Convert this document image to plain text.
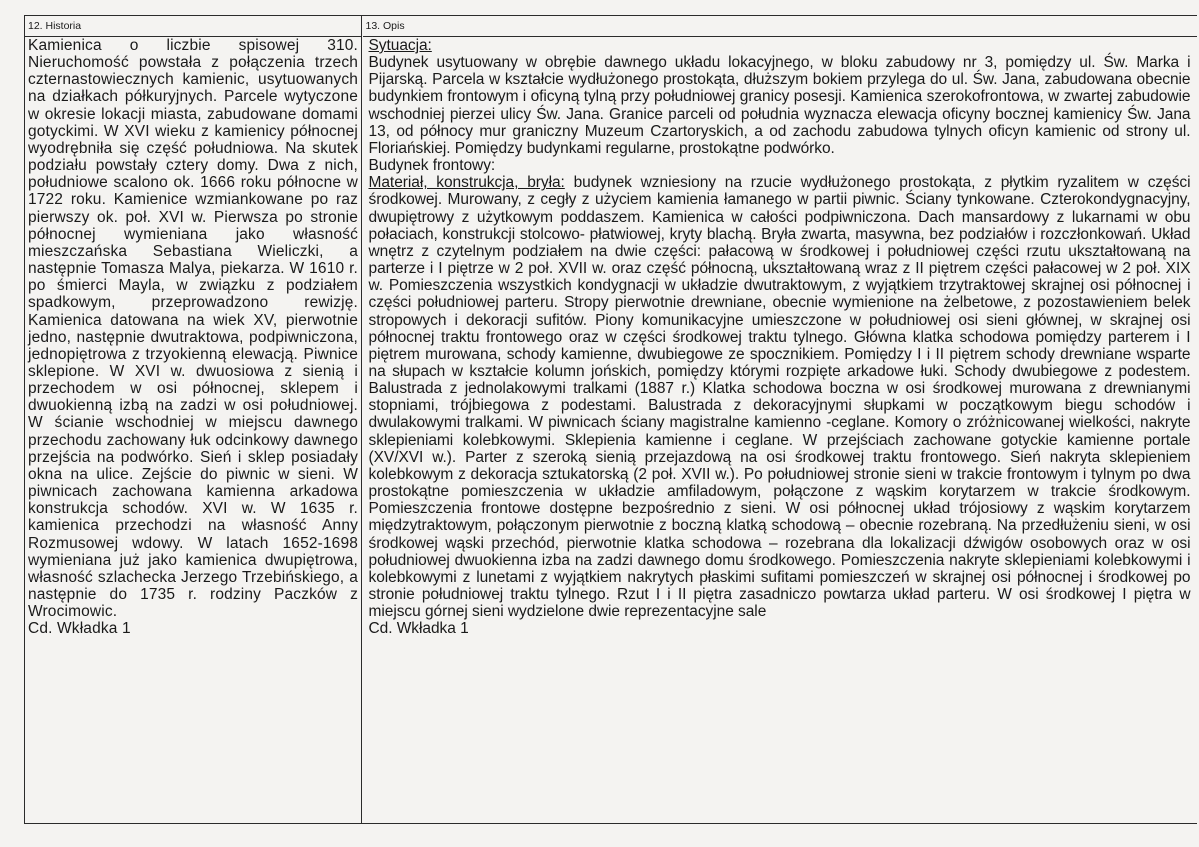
12. Historia

Kamienica o liczbie spisowej 310. Nieruchomość powstała z połączenia trzech czternastowiecznych kamienic, usytuowanych na działkach półkuryjnych. Parcele wytyczone w okresie lokacji miasta, zabudowane domami gotyckimi. W XVI wieku z kamienicy północnej wyodrębniła się część południowa. Na skutek podziału powstały cztery domy. Dwa z nich, południowe scalono ok. 1666 roku północne w 1722 roku. Kamienice wzmiankowane po raz pierwszy ok. poł. XVI w. Pierwsza po stronie północnej wymieniana jako własność mieszczańska Sebastiana Wieliczki, a następnie Tomasza Malya, piekarza. W 1610 r. po śmierci Mayla, w związku z podziałem spadkowym, przeprowadzono rewizję. Kamienica datowana na wiek XV, pierwotnie jedno, następnie dwutraktowa, podpiwniczona, jednopiętrowa z trzyokienną elewacją. Piwnice sklepione. W XVI w. dwuosiowa z sienią i przechodem w osi północnej, sklepem i dwuokienną izbą na zadzi w osi południowej. W ścianie wschodniej w miejscu dawnego przechodu zachowany łuk odcinkowy dawnego przejścia na podwórko. Sień i sklep posiadały okna na ulice. Zejście do piwnic w sieni. W piwnicach zachowana kamienna arkadowa konstrukcja schodów. XVI w. W 1635 r. kamienica przechodzi na własność Anny Rozmusowej wdowy. W latach 1652-1698 wymieniana już jako kamienica dwupiętrowa, własność szlachecka Jerzego Trzebińskiego, a następnie do 1735 r. rodziny Paczków z Wrocimowic.

Cd. Wkładka 1

13. Opis

Sytuacja:

Budynek usytuowany w obrębie dawnego układu lokacyjnego, w bloku zabudowy nr 3, pomiędzy ul. Św. Marka i Pijarską. Parcela w kształcie wydłużonego prostokąta, dłuższym bokiem przylega do ul. Św. Jana, zabudowana obecnie budynkiem frontowym i oficyną tylną przy południowej granicy posesji. Kamienica szerokofrontowa, w zwartej zabudowie wschodniej pierzei ulicy Św. Jana. Granice parceli od południa wyznacza elewacja oficyny bocznej kamienicy Św. Jana 13, od północy mur graniczny Muzeum Czartoryskich, a od zachodu zabudowa tylnych oficyn kamienic od strony ul. Floriańskiej. Pomiędzy budynkami regularne, prostokątne podwórko.

Budynek frontowy:

Materiał, konstrukcja, bryła: budynek wzniesiony na rzucie wydłużonego prostokąta, z płytkim ryzalitem w części środkowej. Murowany, z cegły z użyciem kamienia łamanego w partii piwnic. Ściany tynkowane. Czterokondygnacyjny, dwupiętrowy z użytkowym poddaszem. Kamienica w całości podpiwniczona. Dach mansardowy z lukarnami w obu połaciach, konstrukcji stolcowo- płatwiowej, kryty blachą. Bryła zwarta, masywna, bez podziałów i rozczłonkowań. Układ wnętrz z czytelnym podziałem na dwie części: pałacową w środkowej i południowej części rzutu ukształtowaną na parterze i I piętrze w 2 poł. XVII w. oraz część północną, ukształtowaną wraz z II piętrem części pałacowej w 2 poł. XIX w. Pomieszczenia wszystkich kondygnacji w układzie dwutraktowym, z wyjątkiem trzytraktowej skrajnej osi północnej i części południowej parteru. Stropy pierwotnie drewniane, obecnie wymienione na żelbetowe, z pozostawieniem belek stropowych i dekoracji sufitów. Piony komunikacyjne umieszczone w południowej osi sieni głównej, w skrajnej osi północnej traktu frontowego oraz w części środkowej traktu tylnego. Główna klatka schodowa pomiędzy parterem i I piętrem murowana, schody kamienne, dwubiegowe ze spocznikiem. Pomiędzy I i II piętrem schody drewniane wsparte na słupach w kształcie kolumn jońskich, pomiędzy którymi rozpięte arkadowe łuki. Schody dwubiegowe z podestem. Balustrada z jednolakowymi tralkami (1887 r.) Klatka schodowa boczna w osi środkowej murowana z drewnianymi stopniami, trójbiegowa z podestami. Balustrada z dekoracyjnymi słupkami w początkowym biegu schodów i dwulakowymi tralkami. W piwnicach ściany magistralne kamienno -ceglane. Komory o zróżnicowanej wielkości, nakryte sklepieniami kolebkowymi. Sklepienia kamienne i ceglane. W przejściach zachowane gotyckie kamienne portale (XV/XVI w.). Parter z szeroką sienią przejazdową na osi środkowej traktu frontowego. Sień nakryta sklepieniem kolebkowym z dekoracja sztukatorską (2 poł. XVII w.). Po południowej stronie sieni w trakcie frontowym i tylnym po dwa prostokątne pomieszczenia w układzie amfiladowym, połączone z wąskim korytarzem w trakcie środkowym. Pomieszczenia frontowe dostępne bezpośrednio z sieni. W osi północnej układ trójosiowy z wąskim korytarzem międzytraktowym, połączonym pierwotnie z boczną klatką schodową – obecnie rozebraną. Na przedłużeniu sieni, w osi środkowej wąski przechód, pierwotnie klatka schodowa – rozebrana dla lokalizacji dźwigów osobowych oraz w osi południowej dwuokienna izba na zadzi dawnego domu środkowego. Pomieszczenia nakryte sklepieniami kolebkowymi i kolebkowymi z lunetami z wyjątkiem nakrytych płaskimi sufitami pomieszczeń w skrajnej osi północnej i środkowej po stronie południowej traktu tylnego. Rzut I i II piętra zasadniczo powtarza układ parteru. W osi środkowej I piętra w miejscu górnej sieni wydzielone dwie reprezentacyjne sale

Cd. Wkładka 1
